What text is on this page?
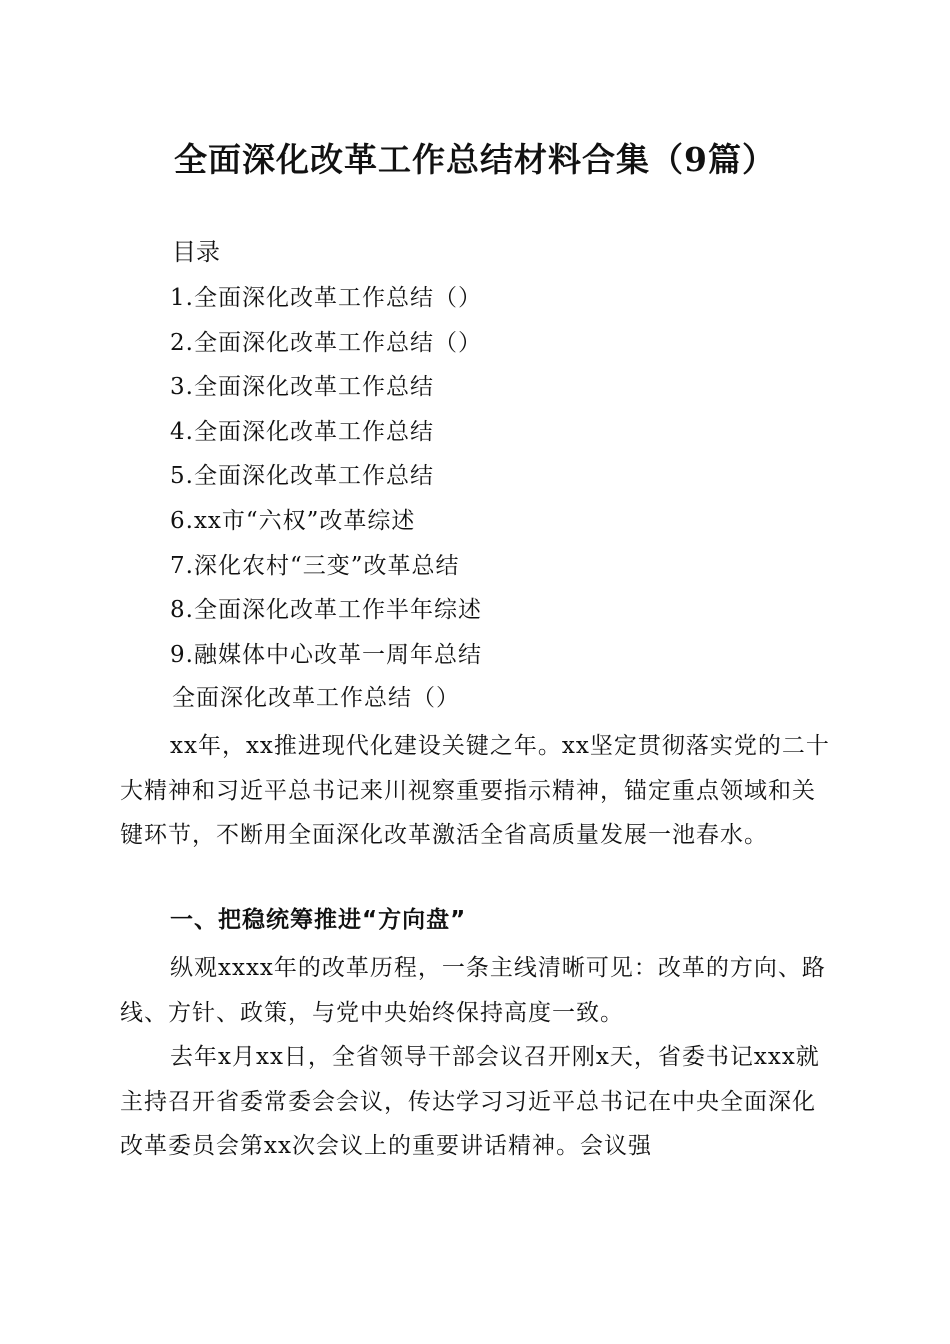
全面深化改革工作总结材料合集（9篇）
目录
1.全面深化改革工作总结（）
2.全面深化改革工作总结（）
3.全面深化改革工作总结
4.全面深化改革工作总结
5.全面深化改革工作总结
6.xx市“六权”改革综述
7.深化农村“三变”改革总结
8.全面深化改革工作半年综述
9.融媒体中心改革一周年总结
全面深化改革工作总结（）

xx年，xx推进现代化建设关键之年。xx坚定贯彻落实党的二十大精神和习近平总书记来川视察重要指示精神，锚定重点领域和关键环节，不断用全面深化改革激活全省高质量发展一池春水。

一、把稳统筹推进“方向盘”

纵观xxxx年的改革历程，一条主线清晰可见：改革的方向、路线、方针、政策，与党中央始终保持高度一致。

去年x月xx日，全省领导干部会议召开刚x天，省委书记xxx就主持召开省委常委会会议，传达学习习近平总书记在中央全面深化改革委员会第xx次会议上的重要讲话精神。会议强
